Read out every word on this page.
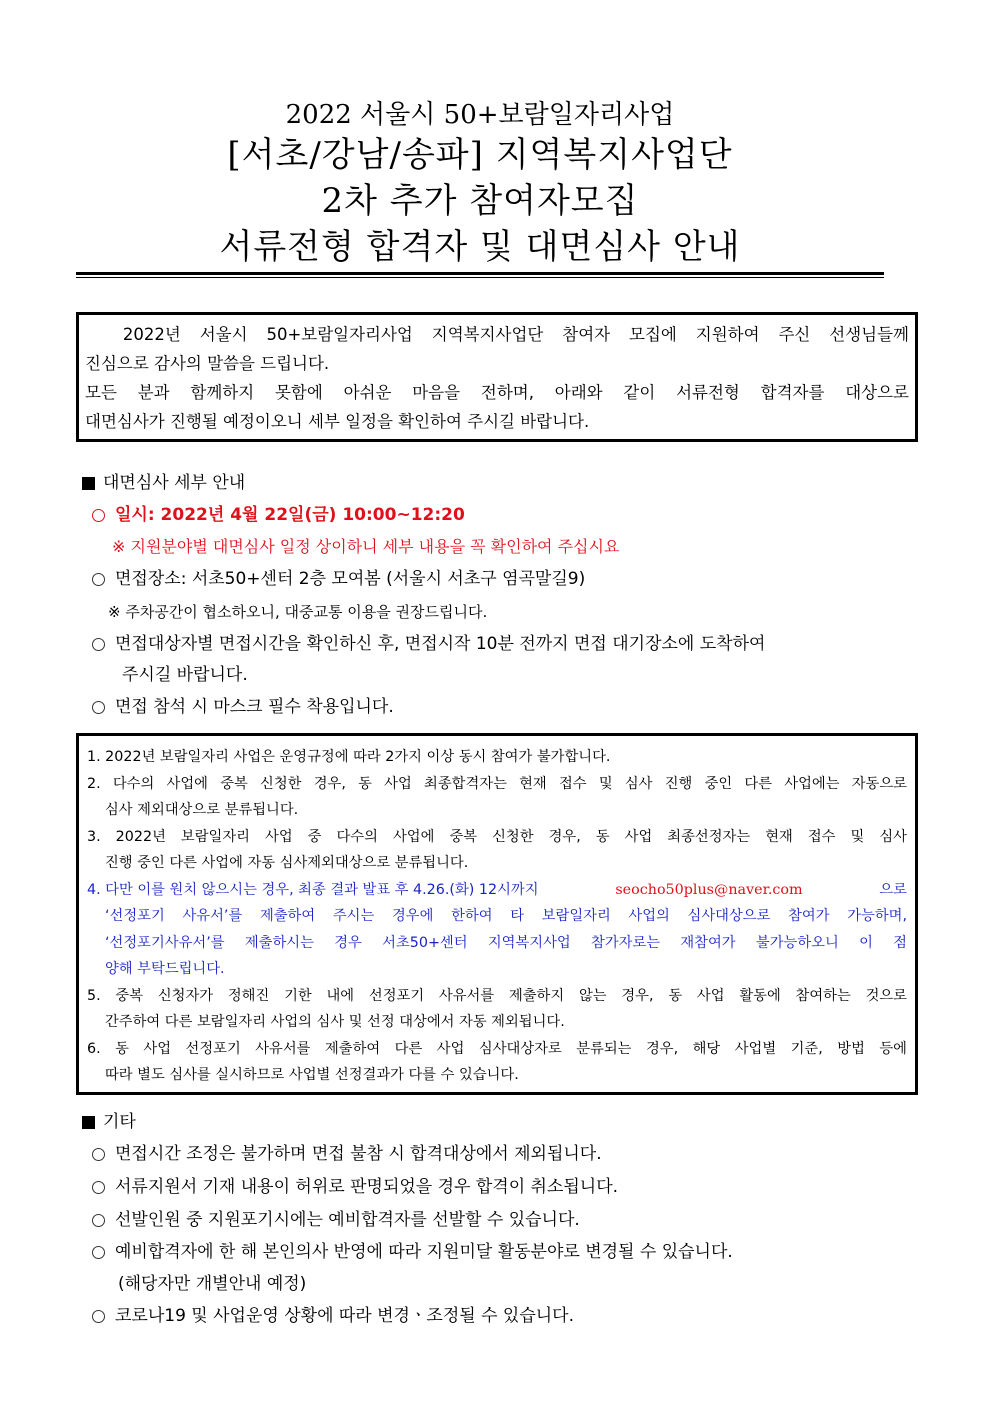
2022 서울시 50+보람일자리사업
[서초/강남/송파] 지역복지사업단
2차 추가 참여자모집
서류전형 합격자 및 대면심사 안내
2022년 서울시 50+보람일자리사업 지역복지사업단 참여자 모집에 지원하여 주신 선생님들께
진심으로 감사의 말씀을 드립니다.
모든 분과 함께하지 못함에 아쉬운 마음을 전하며, 아래와 같이 서류전형 합격자를 대상으로
대면심사가 진행될 예정이오니 세부 일정을 확인하여 주시길 바랍니다.
대면심사 세부 안내
일시: 2022년 4월 22일(금) 10:00~12:20
※ 지원분야별 대면심사 일정 상이하니 세부 내용을 꼭 확인하여 주십시요
면접장소: 서초50+센터 2층 모여봄 (서울시 서초구 염곡말길9)
※ 주차공간이 협소하오니, 대중교통 이용을 권장드립니다.
면접대상자별 면접시간을 확인하신 후, 면접시작 10분 전까지 면접 대기장소에 도착하여
주시길 바랍니다.
면접 참석 시 마스크 필수 착용입니다.
1. 2022년 보람일자리 사업은 운영규정에 따라 2가지 이상 동시 참여가 불가합니다.
2. 다수의 사업에 중복 신청한 경우, 동 사업 최종합격자는 현재 접수 및 심사 진행 중인 다른 사업에는 자동으로
심사 제외대상으로 분류됩니다.
3. 2022년 보람일자리 사업 중 다수의 사업에 중복 신청한 경우, 동 사업 최종선정자는 현재 접수 및 심사
진행 중인 다른 사업에 자동 심사제외대상으로 분류됩니다.
4. 다만 이를 원치 않으시는 경우, 최종 결과 발표 후 4.26.(화) 12시까지	seocho50plus@naver.com	으로
‘선정포기 사유서’를 제출하여 주시는 경우에 한하여 타 보람일자리 사업의 심사대상으로 참여가 가능하며,
‘선정포기사유서’를 제출하시는 경우 서초50+센터 지역복지사업 참가자로는 재참여가 불가능하오니 이 점
양해 부탁드립니다.
5. 중복 신청자가 정해진 기한 내에 선정포기 사유서를 제출하지 않는 경우, 동 사업 활동에 참여하는 것으로
간주하여 다른 보람일자리 사업의 심사 및 선정 대상에서 자동 제외됩니다.
6. 동 사업 선정포기 사유서를 제출하여 다른 사업 심사대상자로 분류되는 경우, 해당 사업별 기준, 방법 등에
따라 별도 심사를 실시하므로 사업별 선정결과가 다를 수 있습니다.
기타
면접시간 조정은 불가하며 면접 불참 시 합격대상에서 제외됩니다.
서류지원서 기재 내용이 허위로 판명되었을 경우 합격이 취소됩니다.
선발인원 중 지원포기시에는 예비합격자를 선발할 수 있습니다.
예비합격자에 한 해 본인의사 반영에 따라 지원미달 활동분야로 변경될 수 있습니다.
(해당자만 개별안내 예정)
코로나19 및 사업운영 상황에 따라 변경ㆍ조정될 수 있습니다.
